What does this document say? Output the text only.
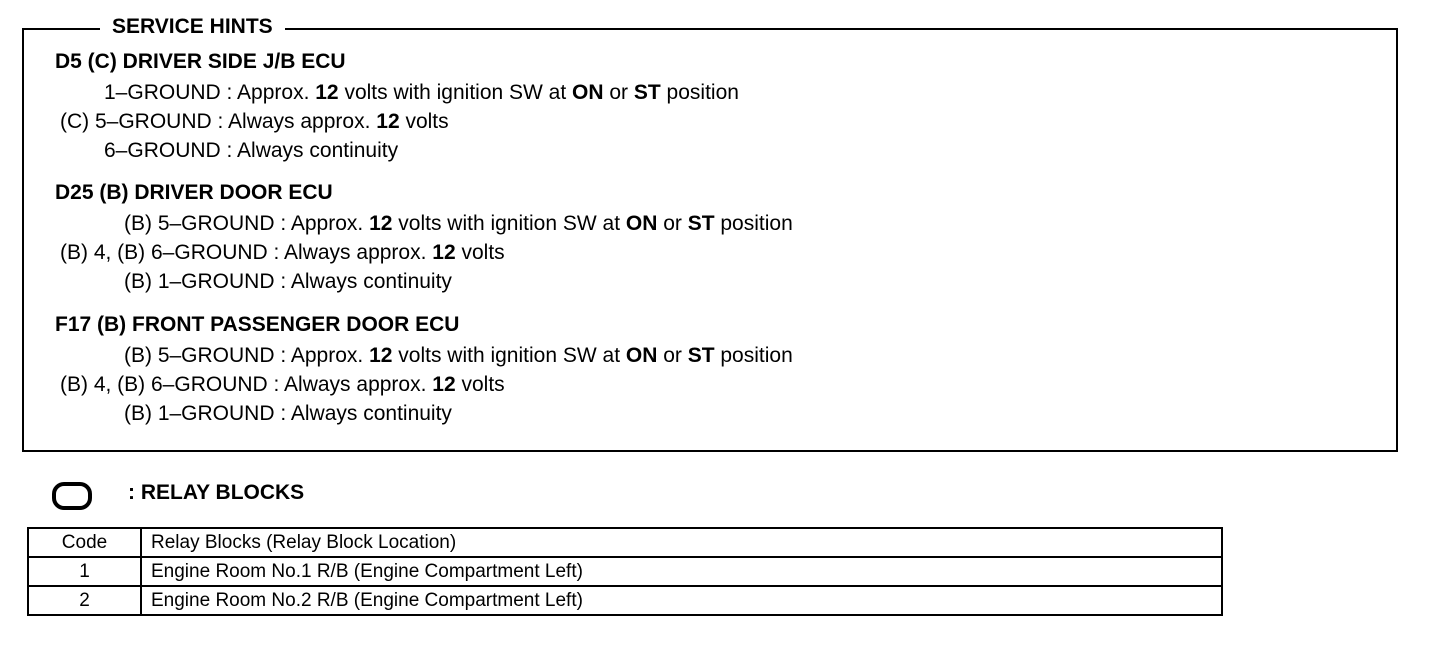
SERVICE HINTS
D5 (C) DRIVER SIDE J/B ECU
1–GROUND : Approx. 12 volts with ignition SW at ON or ST position
(C) 5–GROUND : Always approx. 12 volts
6–GROUND : Always continuity
D25 (B) DRIVER DOOR ECU
(B) 5–GROUND : Approx. 12 volts with ignition SW at ON or ST position
(B) 4, (B) 6–GROUND : Always approx. 12 volts
(B) 1–GROUND : Always continuity
F17 (B) FRONT PASSENGER DOOR ECU
(B) 5–GROUND : Approx. 12 volts with ignition SW at ON or ST position
(B) 4, (B) 6–GROUND : Always approx. 12 volts
(B) 1–GROUND : Always continuity
: RELAY BLOCKS
Code	Relay Blocks (Relay Block Location)
1	Engine Room No.1 R/B (Engine Compartment Left)
2	Engine Room No.2 R/B (Engine Compartment Left)
